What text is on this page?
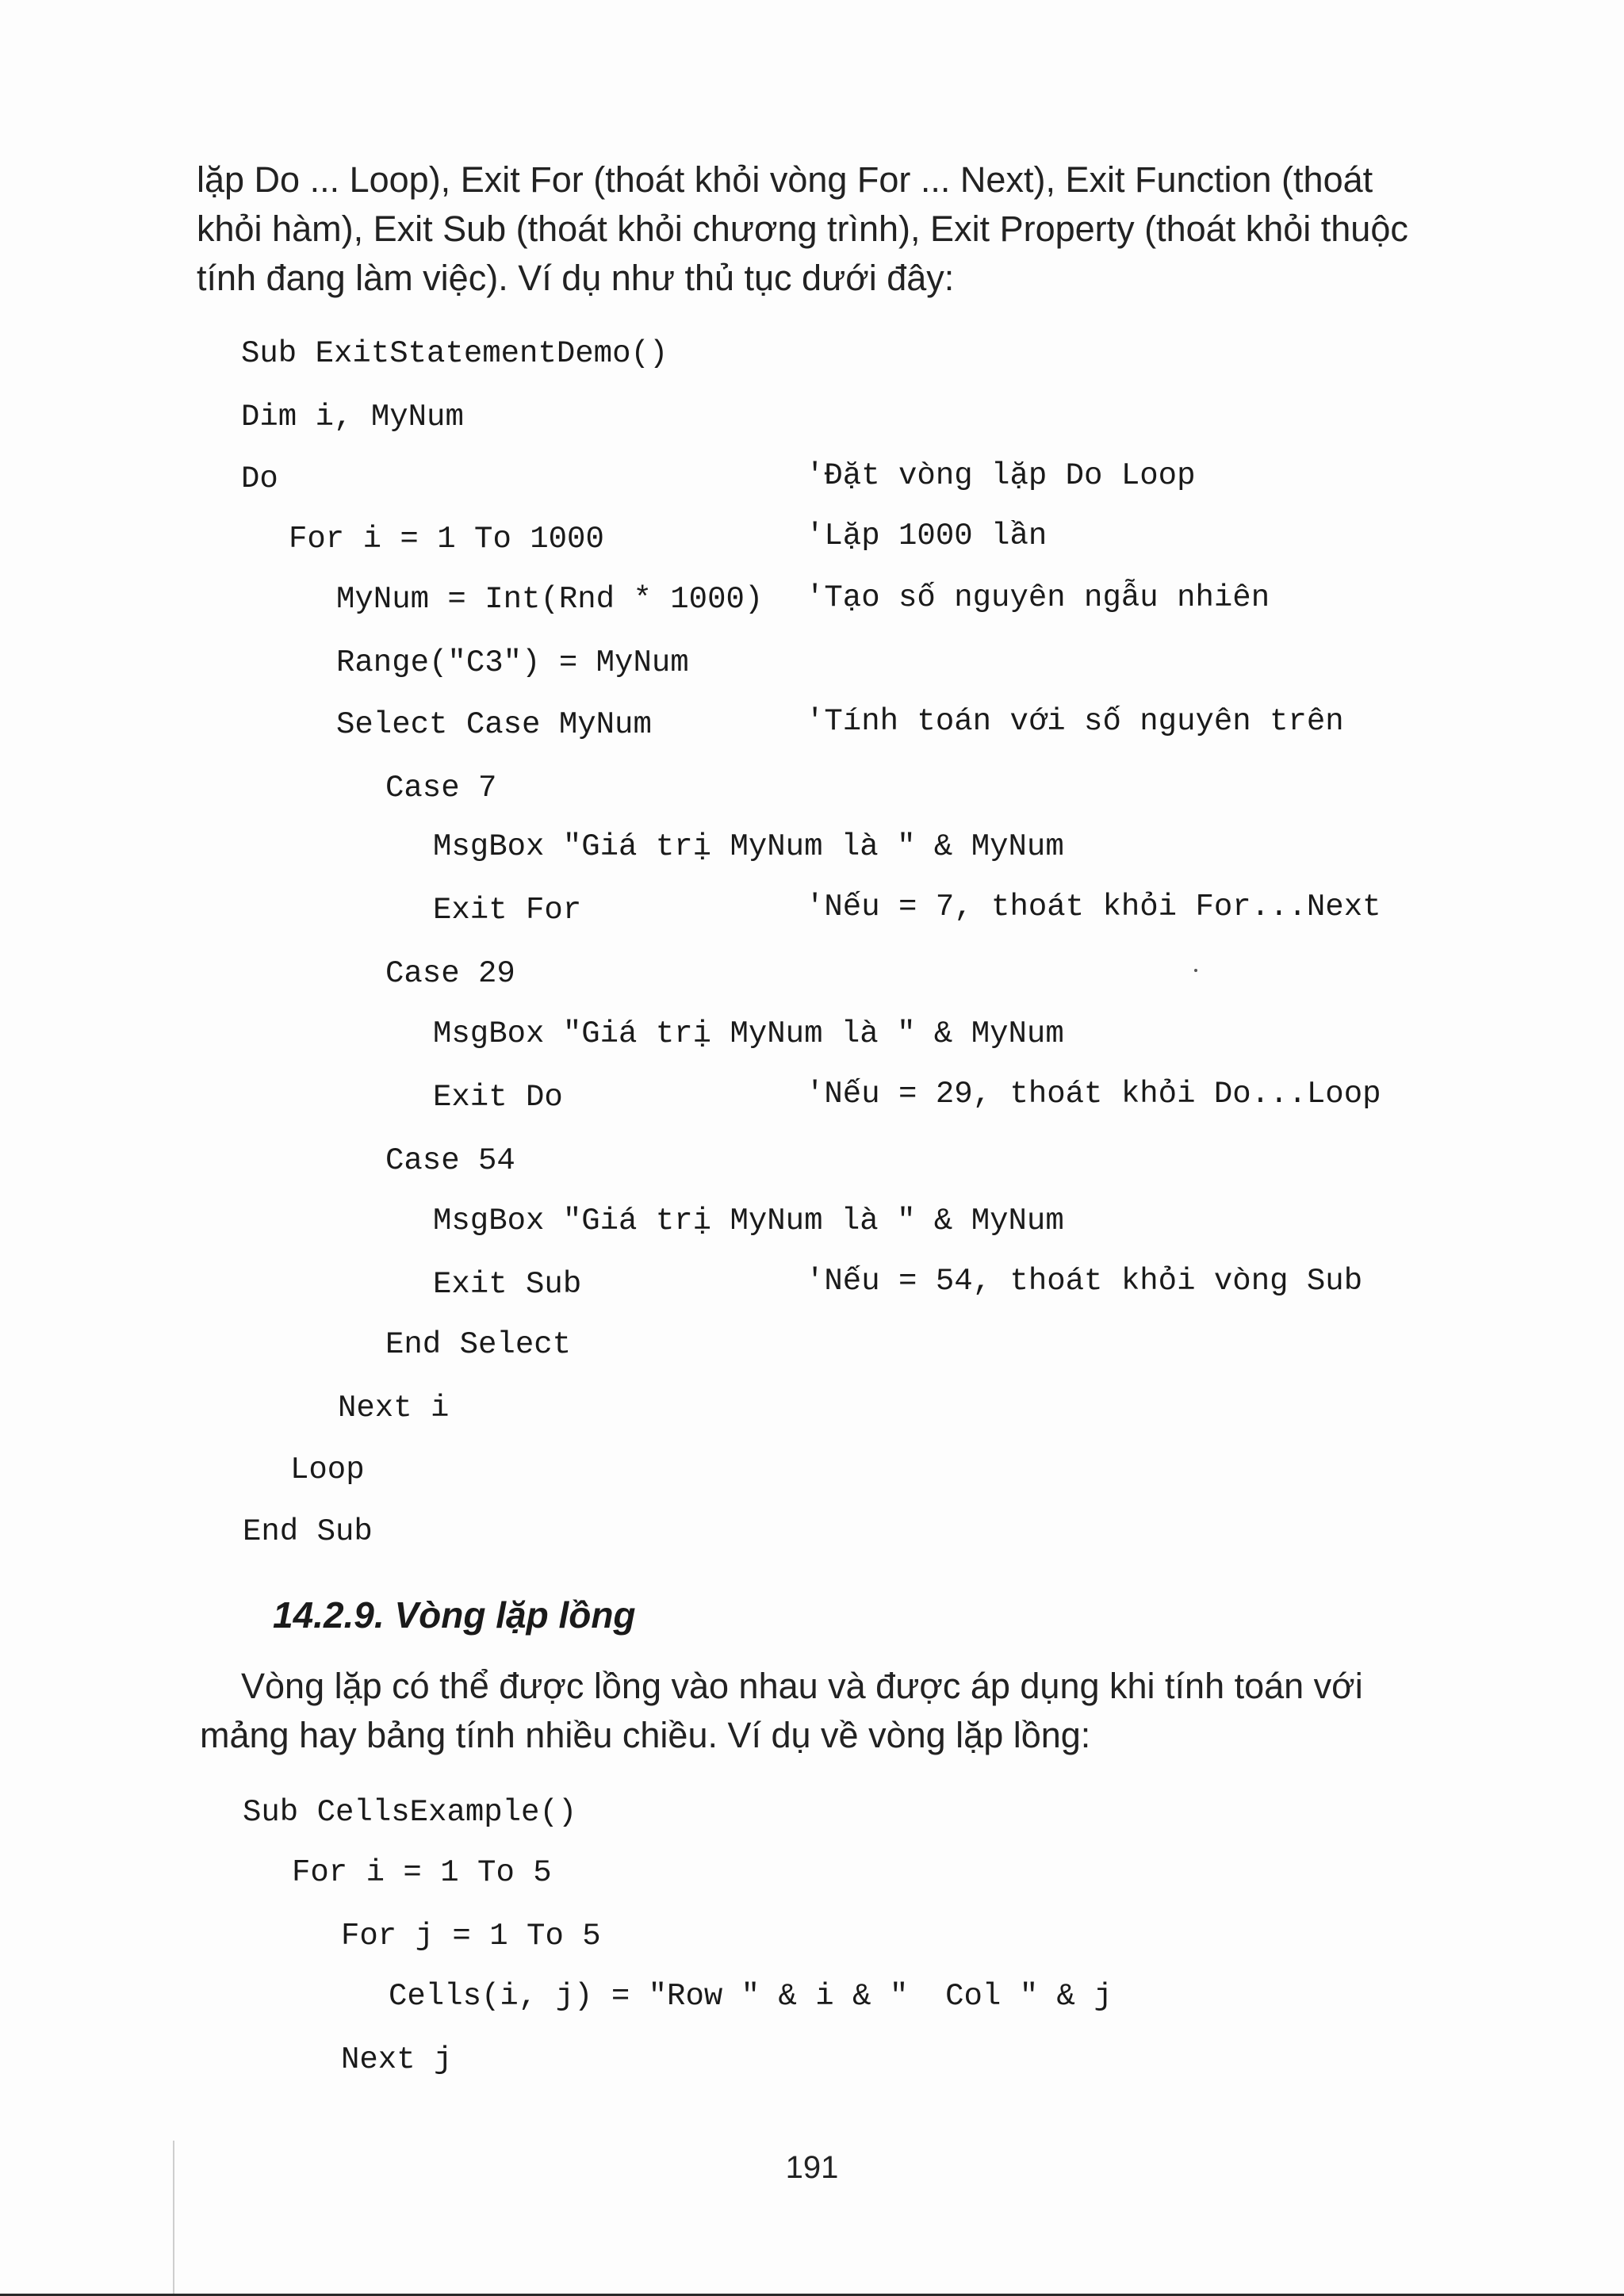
lặp Do ... Loop), Exit For (thoát khỏi vòng For ... Next), Exit Function (thoát
khỏi hàm), Exit Sub (thoát khỏi chương trình), Exit Property (thoát khỏi thuộc
tính đang làm việc). Ví dụ như thủ tục dưới đây:
Sub ExitStatementDemo()
Dim i, MyNum
Do	'Đặt vòng lặp Do Loop
For i = 1 To 1000	'Lặp 1000 lần
MyNum = Int(Rnd * 1000) 'Tạo số nguyên ngẫu nhiên
Range("C3") = MyNum
Select Case MyNum	'Tính toán với số nguyên trên
Case 7
MsgBox "Giá trị MyNum là " & MyNum
Exit For	'Nếu = 7, thoát khỏi For...Next
Case 29
MsgBox "Giá trị MyNum là " & MyNum
Exit Do	'Nếu = 29, thoát khỏi Do...Loop
Case 54
MsgBox "Giá trị MyNum là " & MyNum
Exit Sub	'Nếu = 54, thoát khỏi vòng Sub
End Select
Next i
Loop
End Sub
14.2.9. Vòng lặp lồng
Vòng lặp có thể được lồng vào nhau và được áp dụng khi tính toán với
mảng hay bảng tính nhiều chiều. Ví dụ về vòng lặp lồng:
Sub CellsExample()
For i = 1 To 5
For j = 1 To 5
Cells(i, j) = "Row " & i & "  Col " & j
Next j
191
